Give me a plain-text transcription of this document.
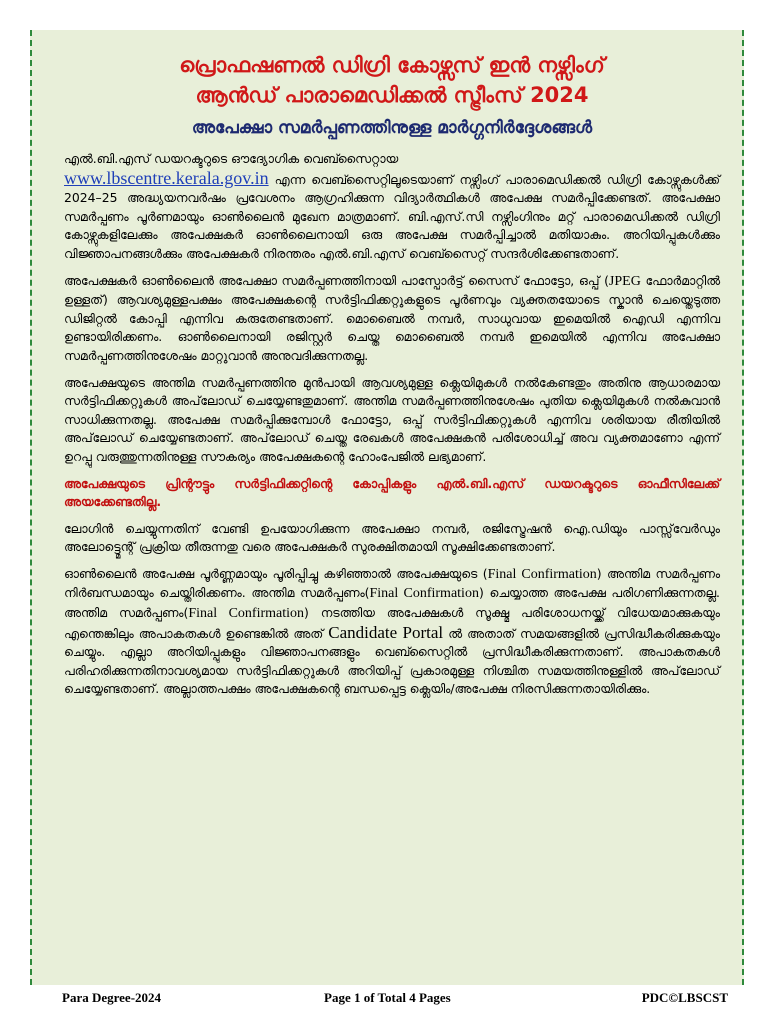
പ്രൊഫഷണൽ ഡിഗ്രി കോഴ്സസ് ഇൻ നഴ്സിംഗ്
ആൻഡ് പാരാമെഡിക്കൽ സ്ട്രീംസ് 2024
അപേക്ഷാ സമർപ്പണത്തിനുള്ള മാർഗ്ഗനിർദ്ദേശങ്ങൾ

എൽ.ബി.എസ് ഡയറക്ടറുടെ ഔദ്യോഗിക വെബ്സൈറ്റായ
www.lbscentre.kerala.gov.in എന്ന വെബ്സൈറ്റിലൂടെയാണ് നഴ്സിംഗ് പാരാമെഡിക്കൽ ഡിഗ്രി കോഴ്സുകൾക്ക് 2024–25 അദ്ധ്യയനവർഷം പ്രവേശനം ആഗ്രഹിക്കുന്ന വിദ്യാർത്ഥികൾ അപേക്ഷ സമർപ്പിക്കേണ്ടത്. അപേക്ഷാ സമർപ്പണം പൂർണമായും ഓൺലൈൻ മുഖേന മാത്രമാണ്. ബി.എസ്.സി നഴ്സിംഗിനും മറ്റ് പാരാമെഡിക്കൽ ഡിഗ്രി കോഴ്സുകളിലേക്കും അപേക്ഷകർ ഓൺലൈനായി ഒരു അപേക്ഷ സമർപ്പിച്ചാൽ മതിയാകും. അറിയിപ്പുകൾക്കും വിജ്ഞാപനങ്ങൾക്കും അപേക്ഷകർ നിരന്തരം എൽ.ബി.എസ് വെബ്സൈറ്റ് സന്ദർശിക്കേണ്ടതാണ്.

അപേക്ഷകർ ഓൺലൈൻ അപേക്ഷാ സമർപ്പണത്തിനായി പാസ്പോർട്ട് സൈസ് ഫോട്ടോ, ഒപ്പ് (JPEG ഫോർമാറ്റിൽ ഉള്ളത്) ആവശ്യമുള്ളപക്ഷം അപേക്ഷകന്റെ സർട്ടിഫിക്കറ്റുകളുടെ പൂർണവും വ്യക്തതയോടെ സ്കാൻ ചെയ്തെടുത്ത ഡിജിറ്റൽ കോപ്പി എന്നിവ കരുതേണ്ടതാണ്. മൊബൈൽ നമ്പർ, സാധുവായ ഇമെയിൽ ഐഡി എന്നിവ ഉണ്ടായിരിക്കണം. ഓൺലൈനായി രജിസ്റ്റർ ചെയ്ത മൊബൈൽ നമ്പർ ഇമെയിൽ എന്നിവ അപേക്ഷാ സമർപ്പണത്തിനുശേഷം മാറ്റുവാൻ അനുവദിക്കുന്നതല്ല.

അപേക്ഷയുടെ അന്തിമ സമർപ്പണത്തിനു മുൻപായി ആവശ്യമുള്ള ക്ലെയിമുകൾ നൽകേണ്ടതും അതിനു ആധാരമായ സർട്ടിഫിക്കറ്റുകൾ അപ്‌ലോഡ് ചെയ്യേണ്ടതുമാണ്. അന്തിമ സമർപ്പണത്തിനുശേഷം പുതിയ ക്ലെയിമുകൾ നൽകുവാൻ സാധിക്കുന്നതല്ല. അപേക്ഷ സമർപ്പിക്കുമ്പോൾ ഫോട്ടോ, ഒപ്പ് സർട്ടിഫിക്കറ്റുകൾ എന്നിവ ശരിയായ രീതിയിൽ അപ്‌ലോഡ് ചെയ്യേണ്ടതാണ്. അപ്‌ലോഡ് ചെയ്ത രേഖകൾ അപേക്ഷകൻ പരിശോധിച്ച് അവ വ്യക്തമാണോ എന്ന് ഉറപ്പു വരുത്തുന്നതിനുള്ള സൗകര്യം അപേക്ഷകന്റെ ഹോംപേജിൽ ലഭ്യമാണ്.

അപേക്ഷയുടെ പ്രിന്റൗട്ടും സർട്ടിഫിക്കറ്റിന്റെ കോപ്പികളും എൽ.ബി.എസ് ഡയറക്ടറുടെ ഓഫീസിലേക്ക് അയക്കേണ്ടതില്ല.

ലോഗിൻ ചെയ്യുന്നതിന് വേണ്ടി ഉപയോഗിക്കുന്ന അപേക്ഷാ നമ്പർ, രജിസ്ട്രേഷൻ ഐ.ഡിയും പാസ്സ്‌വേർഡും അലോട്ട്മെന്റ് പ്രക്രിയ തീരുന്നതു വരെ അപേക്ഷകർ സുരക്ഷിതമായി സൂക്ഷിക്കേണ്ടതാണ്.

ഓൺലൈൻ അപേക്ഷ പൂർണ്ണമായും പൂരിപ്പിച്ചു കഴിഞ്ഞാൽ അപേക്ഷയുടെ (Final Confirmation) അന്തിമ സമർപ്പണം നിർബന്ധമായും ചെയ്തിരിക്കണം. അന്തിമ സമർപ്പണം(Final Confirmation) ചെയ്യാത്ത അപേക്ഷ പരിഗണിക്കുന്നതല്ല. അന്തിമ സമർപ്പണം(Final Confirmation) നടത്തിയ അപേക്ഷകൾ സൂക്ഷ്മ പരിശോധനയ്ക്ക് വിധേയമാക്കുകയും എന്തെങ്കിലും അപാകതകൾ ഉണ്ടെങ്കിൽ അത് Candidate Portal ൽ അതാത് സമയങ്ങളിൽ പ്രസിദ്ധീകരിക്കുകയും ചെയ്യും. എല്ലാ അറിയിപ്പുകളും വിജ്ഞാപനങ്ങളും വെബ്സൈറ്റിൽ പ്രസിദ്ധീകരിക്കുന്നതാണ്. അപാകതകൾ പരിഹരിക്കുന്നതിനാവശ്യമായ സർട്ടിഫിക്കറ്റുകൾ അറിയിപ്പ് പ്രകാരമുള്ള നിശ്ചിത സമയത്തിനുള്ളിൽ അപ്‌ലോഡ് ചെയ്യേണ്ടതാണ്. അല്ലാത്തപക്ഷം അപേക്ഷകന്റെ ബന്ധപ്പെട്ട ക്ലെയിം/അപേക്ഷ നിരസിക്കുന്നതായിരിക്കും.

Para Degree-2024	Page 1 of Total 4 Pages	PDC©LBSCST
